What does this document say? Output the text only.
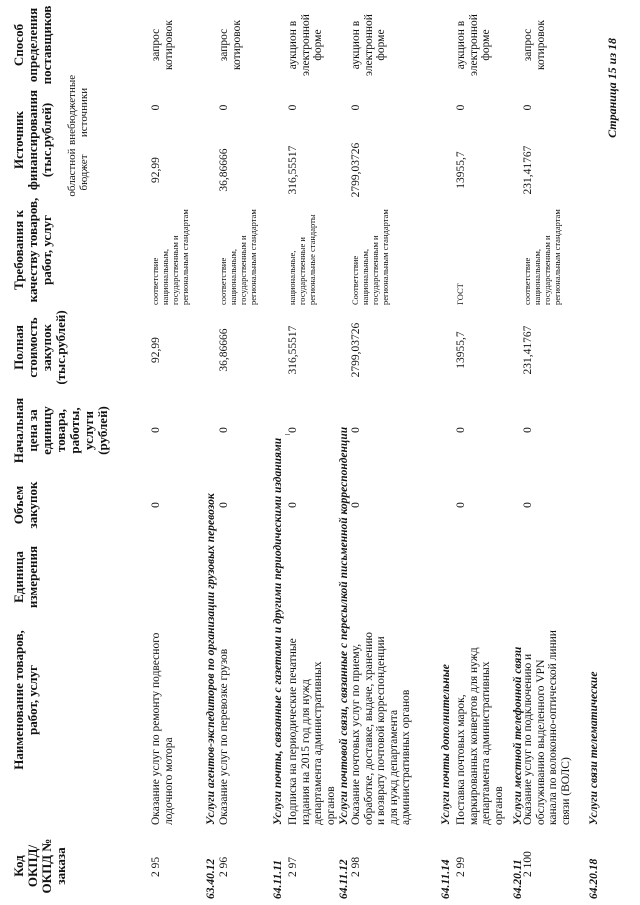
Код ОКПД/ ОКПД № заказа
Наименование товаров, работ, услуг
Единица измерения
Объем закупок
Начальная цена за единицу товара, работы, услуги (рублей)
Полная стоимость закупок (тыс.рублей)
Требования к качеству товаров, работ, услуг
Источник финансирования (тыс.рублей) областной бюджет
внебюджетные источники
Способ определения поставщиков
2 95
Оказание услуг по ремонту подвесного лодочного мотора
0
0
92,99
соответствие национальным, государственным и региональным стандартам
92,99
0
запрос котировок
63.40.12
Услуги агентов-экспедиторов по организации грузовых перевозок
2 96
Оказание услуг по перевозке грузов
0
0
36,86666
соответствие национальным, государственным и региональным стандартам
36,86666
0
запрос котировок
64.11.11
Услуги почты, связанные с газетами и другими периодическими изданиями
2 97
Подписка на периодические печатные издания на 2015 год для нужд департамента административных органов
0
0
316,55517
национальные, государственные и региональные стандарты
316,55517
0
аукцион в электронной форме
64.11.12
Услуги почтовой связи, связанные с пересылкой письменной корреспонденции
2 98
Оказание почтовых услуг по приему, обработке, доставке, выдаче, хранению и возврату почтовой корреспонденции для нужд департамента административных органов
0
0
2799,03726
Соответствие национальным, государственным и региональным стандартам
2799,03726
0
аукцион в электронной форме
64.11.14
Услуги почты дополнительные
2 99
Поставка почтовых марок, маркированных конвертов для нужд департамента административных органов
0
0
13955,7
ГОСТ
13955,7
0
аукцион в электронной форме
64.20.11
Услуги местной телефонной связи
2 100
Оказание услуг по подключению и обслуживанию выделенного VPN канала по волоконно-оптической линии связи (ВОЛС)
0
0
231,41767
соответствие национальным, государственным и региональным стандартам
231,41767
0
запрос котировок
64.20.18
Услуги связи телематические
Страница 15 из 18
